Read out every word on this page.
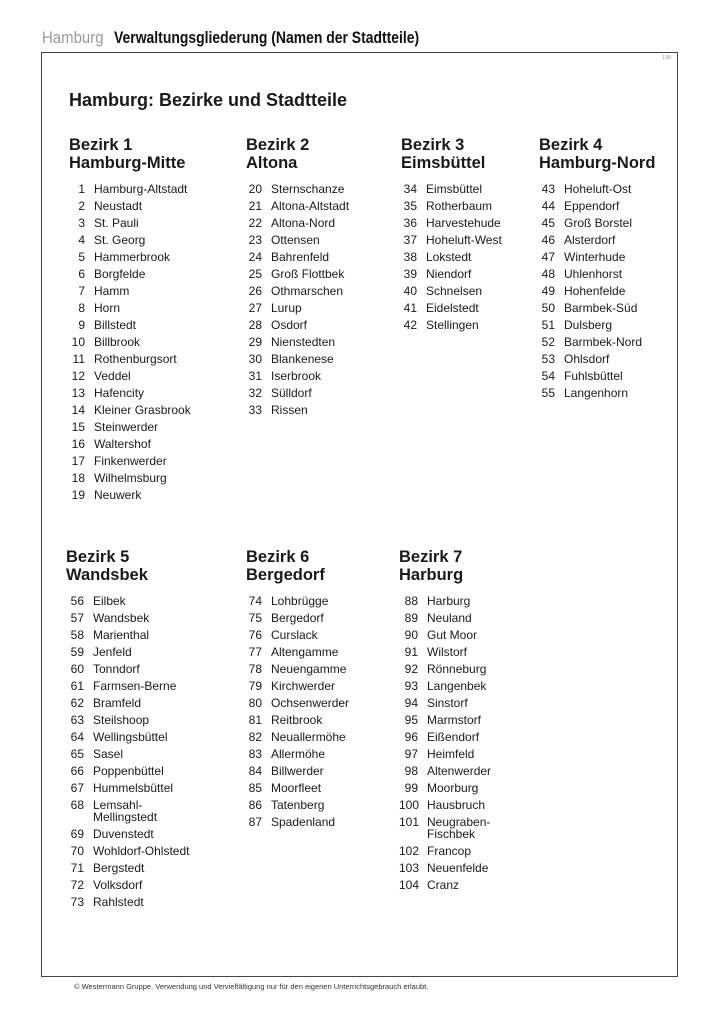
Hamburg Verwaltungsgliederung (Namen der Stadtteile)
13B
Hamburg: Bezirke und Stadtteile
Bezirk 1
Hamburg-Mitte
1 Hamburg-Altstadt
2 Neustadt
3 St. Pauli
4 St. Georg
5 Hammerbrook
6 Borgfelde
7 Hamm
8 Horn
9 Billstedt
10 Billbrook
11 Rothenburgsort
12 Veddel
13 Hafencity
14 Kleiner Grasbrook
15 Steinwerder
16 Waltershof
17 Finkenwerder
18 Wilhelmsburg
19 Neuwerk
Bezirk 2
Altona
20 Sternschanze
21 Altona-Altstadt
22 Altona-Nord
23 Ottensen
24 Bahrenfeld
25 Groß Flottbek
26 Othmarschen
27 Lurup
28 Osdorf
29 Nienstedten
30 Blankenese
31 Iserbrook
32 Sülldorf
33 Rissen
Bezirk 3
Eimsbüttel
34 Eimsbüttel
35 Rotherbaum
36 Harvestehude
37 Hoheluft-West
38 Lokstedt
39 Niendorf
40 Schnelsen
41 Eidelstedt
42 Stellingen
Bezirk 4
Hamburg-Nord
43 Hoheluft-Ost
44 Eppendorf
45 Groß Borstel
46 Alsterdorf
47 Winterhude
48 Uhlenhorst
49 Hohenfelde
50 Barmbek-Süd
51 Dulsberg
52 Barmbek-Nord
53 Ohlsdorf
54 Fuhlsbüttel
55 Langenhorn
Bezirk 5
Wandsbek
56 Eilbek
57 Wandsbek
58 Marienthal
59 Jenfeld
60 Tonndorf
61 Farmsen-Berne
62 Bramfeld
63 Steilshoop
64 Wellingsbüttel
65 Sasel
66 Poppenbüttel
67 Hummelsbüttel
68 Lemsahl-
Mellingstedt
69 Duvenstedt
70 Wohldorf-Ohlstedt
71 Bergstedt
72 Volksdorf
73 Rahlstedt
Bezirk 6
Bergedorf
74 Lohbrügge
75 Bergedorf
76 Curslack
77 Altengamme
78 Neuengamme
79 Kirchwerder
80 Ochsenwerder
81 Reitbrook
82 Neuallermöhe
83 Allermöhe
84 Billwerder
85 Moorfleet
86 Tatenberg
87 Spadenland
Bezirk 7
Harburg
88 Harburg
89 Neuland
90 Gut Moor
91 Wilstorf
92 Rönneburg
93 Langenbek
94 Sinstorf
95 Marmstorf
96 Eißendorf
97 Heimfeld
98 Altenwerder
99 Moorburg
100 Hausbruch
101 Neugraben-
Fischbek
102 Francop
103 Neuenfelde
104 Cranz
© Westermann Gruppe. Verwendung und Vervielfältigung nur für den eigenen Unterrichtsgebrauch erlaubt.
